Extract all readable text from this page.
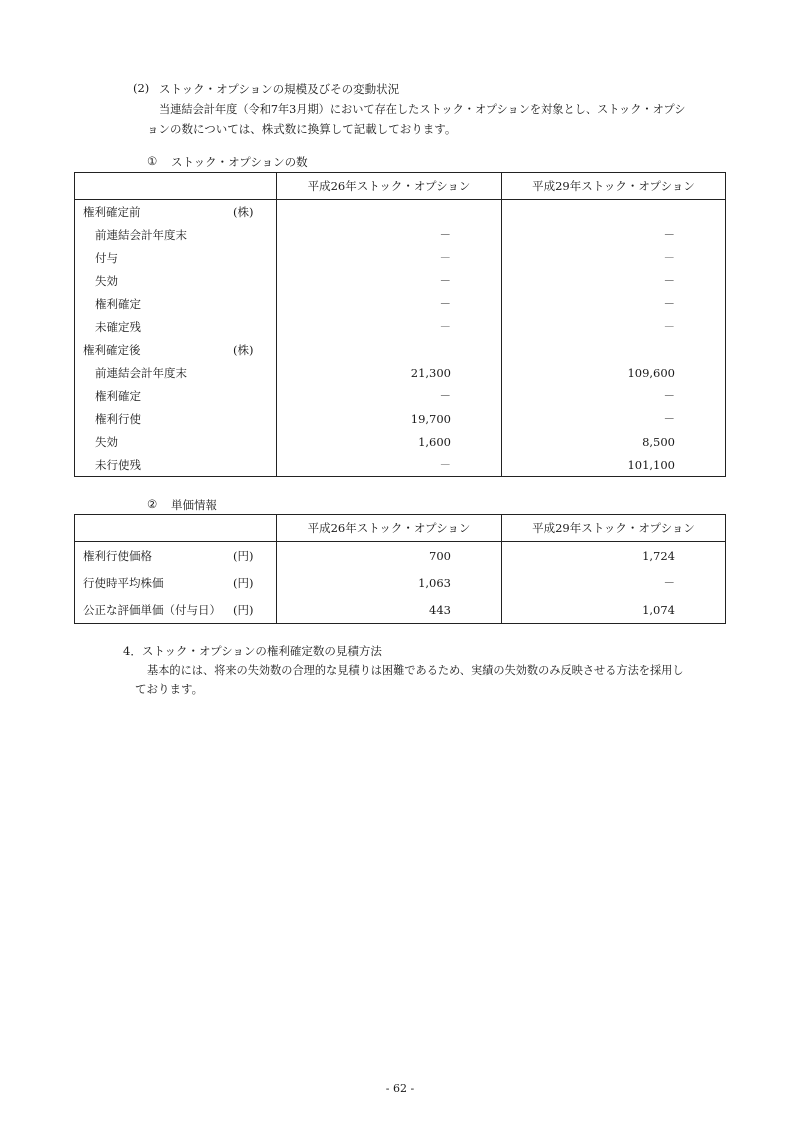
(2) ストック・オプションの規模及びその変動状況
当連結会計年度（令和7年3月期）において存在したストック・オプションを対象とし、ストック・オプシ
ョンの数については、株式数に換算して記載しております。
① ストック・オプションの数
	平成26年ストック・オプション	平成29年ストック・オプション

権利確定前 (株)		

前連結会計年度末	－	－

付与	－	－

失効	－	－

権利確定	－	－

未確定残	－	－

権利確定後 (株)		

前連結会計年度末	21,300	109,600

権利確定	－	－

権利行使	19,700	－

失効	1,600	8,500

未行使残	－	101,100
② 単価情報
	平成26年ストック・オプション	平成29年ストック・オプション

権利行使価格 (円)	700	1,724

行使時平均株価 (円)	1,063	－

公正な評価単価（付与日） (円)	443	1,074
4．ストック・オプションの権利確定数の見積方法
基本的には、将来の失効数の合理的な見積りは困難であるため、実績の失効数のみ反映させる方法を採用し
ております。
- 62 -
